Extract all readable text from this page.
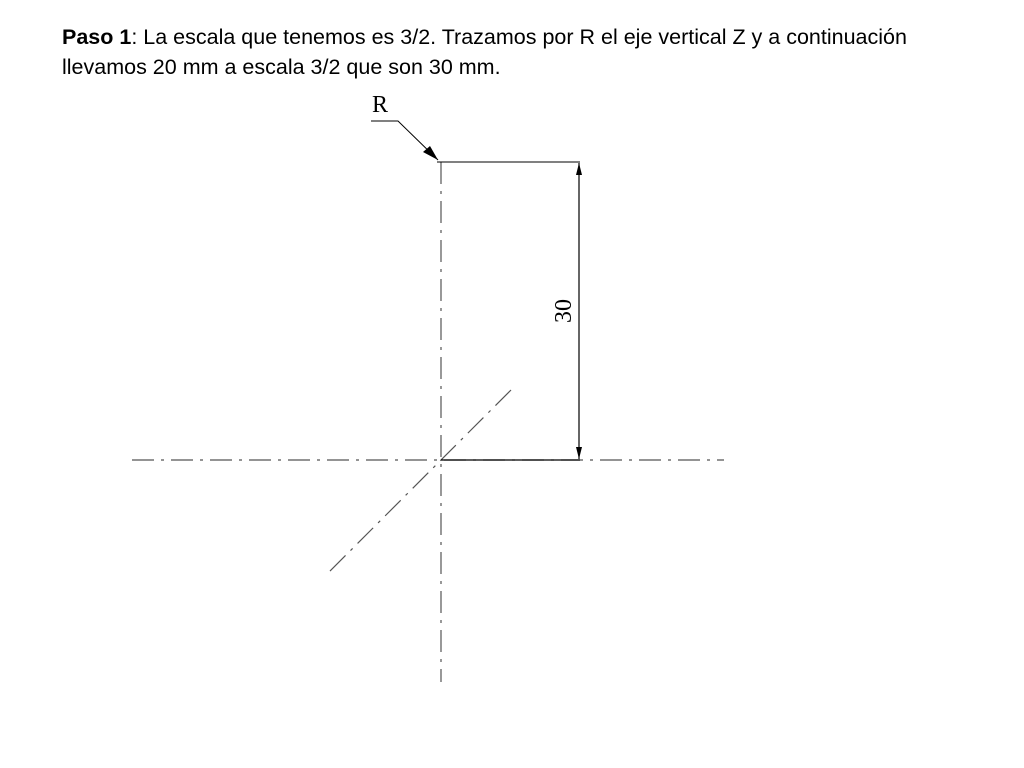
Paso 1: La escala que tenemos es 3/2. Trazamos por R el eje vertical Z y a continuación llevamos 20 mm a escala 3/2 que son 30 mm.

R
30
